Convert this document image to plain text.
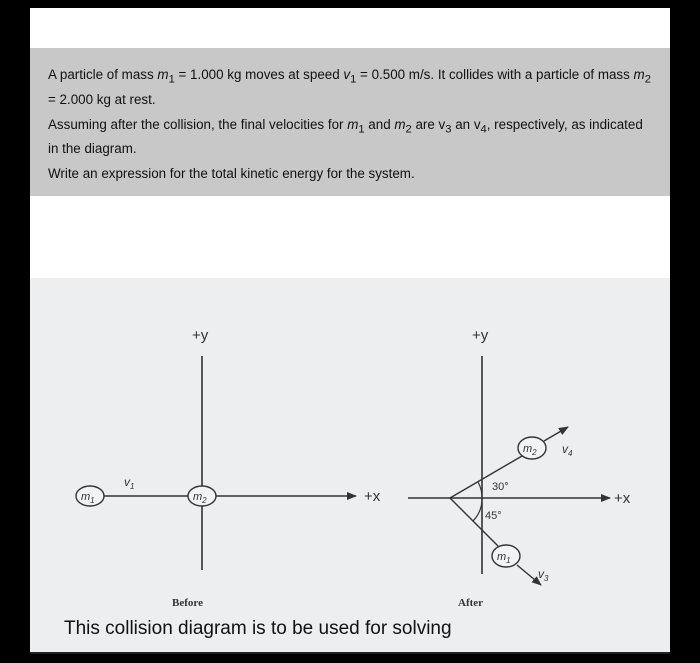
A particle of mass $m_1 = 1.000$ kg moves at speed $v_1 = 0.500$ m/s. It collides with a particle of mass $m_2 = 2.000$ kg at rest.

Assuming after the collision, the final velocities for $m_1$ and $m_2$ are $v_3$ an $v_4$, respectively, as indicated in the diagram.

Write an expression for the total kinetic energy for the system.

+y
+x
$m_1$	$m_2$
$v_1$
Before
+y
+x
30°
45°
$m_2$ $v_4$
$m_1$
$v_3$
After
This collision diagram is to be used for solving
